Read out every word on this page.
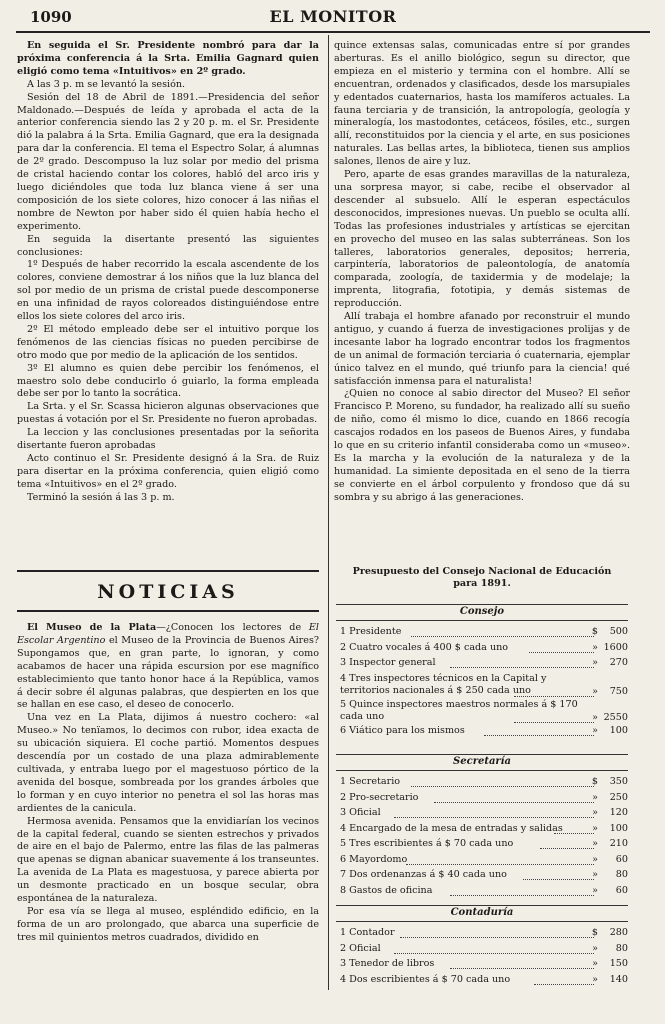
1090	EL MONITOR

En seguida el Sr. Presidente nombró para dar la próxima conferencia á la Srta. Emilia Gagnard quien eligió como tema «Intuitivos» en 2º grado.

A las 3 p. m se levantó la sesión.

Sesión del 18 de Abril de 1891.—Presidencia del señor Maldonado.—Después de leída y aprobada el acta de la anterior conferencia siendo las 2 y 20 p. m. el Sr. Presidente dió la palabra á la Srta. Emilia Gagnard, que era la designada para dar la conferencia. El tema el Espectro Solar, á alumnas de 2º grado. Descompuso la luz solar por medio del prisma de cristal haciendo contar los colores, habló del arco iris y luego diciéndoles que toda luz blanca viene á ser una composición de los siete colores, hizo conocer á las niñas el nombre de Newton por haber sido él quien había hecho el experimento.

En seguida la disertante presentó las siguientes conclusiones:

1º Después de haber recorrido la escala ascendente de los colores, conviene demostrar á los niños que la luz blanca del sol por medio de un prisma de cristal puede descomponerse en una infinidad de rayos coloreados distinguiéndose entre ellos los siete colores del arco iris.

2º El método empleado debe ser el intuitivo porque los fenómenos de las ciencias físicas no pueden percibirse de otro modo que por medio de la aplicación de los sentidos.

3º El alumno es quien debe percibir los fenómenos, el maestro solo debe conducirlo ó guiarlo, la forma empleada debe ser por lo tanto la socrática.

La Srta. y el Sr. Scassa hicieron algunas observaciones que puestas á votación por el Sr. Presidente no fueron aprobadas.

La leccion y las conclusiones presentadas por la señorita disertante fueron aprobadas

Acto continuo el Sr. Presidente designó á la Sra. de Ruiz para disertar en la próxima conferencia, quien eligió como tema «Intuitivos» en el 2º grado.

Terminó la sesión á las 3 p. m.

NOTICIAS

El Museo de la Plata—¿Conocen los lectores de El Escolar Argentino el Museo de la Provincia de Buenos Aires? Supongamos que, en gran parte, lo ignoran, y como acabamos de hacer una rápida escursion por ese magnífico establecimiento que tanto honor hace á la República, vamos á decir sobre él algunas palabras, que despierten en los que se hallan en ese caso, el deseo de conocerlo.

Una vez en La Plata, dijimos á nuestro cochero: «al Museo.» No tenïamos, lo decimos con rubor, idea exacta de su ubicación siquiera. El coche partió. Momentos despues descendía por un costado de una plaza admirablemente cultivada, y entraba luego por el magestuoso pórtico de la avenida del bosque, sombreada por los grandes árboles que lo forman y en cuyo interior no penetra el sol las horas mas ardientes de la canicula.

Hermosa avenida. Pensamos que la envidiarían los vecinos de la capital federal, cuando se sienten estrechos y privados de aire en el bajo de Palermo, entre las filas de las palmeras que apenas se dignan abanicar suavemente á los transeuntes. La avenida de La Plata es magestuosa, y parece abierta por un desmonte practicado en un bosque secular, obra espontánea de la naturaleza.

Por esa vía se llega al museo, espléndido edificio, en la forma de un aro prolongado, que abarca una superficie de tres mil quinientos metros cuadrados, dividido en

quince extensas salas, comunicadas entre sí por grandes aberturas. Es el anillo biológico, segun su director, que empieza en el misterio y termina con el hombre. Allí se encuentran, ordenados y clasificados, desde los marsupiales y edentados cuaternarios, hasta los mamíferos actuales. La fauna terciaria y de transición, la antropología, geología y mineralogía, los mastodontes, cetáceos, fósiles, etc., surgen allí, reconstituidos por la ciencia y el arte, en sus posiciones naturales. Las bellas artes, la biblioteca, tienen sus amplios salones, llenos de aire y luz.

Pero, aparte de esas grandes maravillas de la naturaleza, una sorpresa mayor, si cabe, recibe el observador al descender al subsuelo. Allí le esperan espectáculos desconocidos, impresiones nuevas. Un pueblo se oculta allí. Todas las profesiones industriales y artísticas se ejercitan en provecho del museo en las salas subterráneas. Son los talleres, laboratorios generales, depositos; herreria, carpintería, laboratorios de paleontología, de anatomía comparada, zoología, de taxidermia y de modelaje; la imprenta, litografia, fototipia, y demás sistemas de reproducción.

Allí trabaja el hombre afanado por reconstruir el mundo antiguo, y cuando á fuerza de investigaciones prolijas y de incesante labor ha logrado encontrar todos los fragmentos de un animal de formación terciaria ó cuaternaria, ejemplar único talvez en el mundo, qué triunfo para la ciencia! qué satisfacción inmensa para el naturalista!

¿Quien no conoce al sabio director del Museo? El señor Francisco P. Moreno, su fundador, ha realizado allí su sueño de niño, como él mismo lo dice, cuando en 1866 recogía cascajos rodados en los paseos de Buenos Aires, y fundaba lo que en su criterio infantil consideraba como un «museo». Es la marcha y la evolución de la naturaleza y de la humanidad. La simiente depositada en el seno de la tierra se convierte en el árbol corpulento y frondoso que dá su sombra y su abrigo á las generaciones.

Presupuesto del Consejo Nacional de Educación
para 1891.
Consejo
1 Presidente	$	500
2 Cuatro vocales á 400 $ cada uno	» 1600
3 Inspector general	»	270
4 Tres inspectores técnicos en la Capital y territorios nacionales á $ 250 cada uno	»	750
5 Quince inspectores maestros normales á $ 170 cada uno	» 2550
6 Viático para los mismos	»	100
Secretaría
1 Secretario	$	350
2 Pro-secretario	»	250
3 Oficial	»	120
4 Encargado de la mesa de entradas y salidas	»	100
5 Tres escribientes á $ 70 cada uno	»	210
6 Mayordomo	»	60
7 Dos ordenanzas á $ 40 cada uno	»	80
8 Gastos de oficina	»	60
Contaduría
1 Contador	$	280
2 Oficial	»	80
3 Tenedor de libros	»	150
4 Dos escribientes á $ 70 cada uno	»	140
